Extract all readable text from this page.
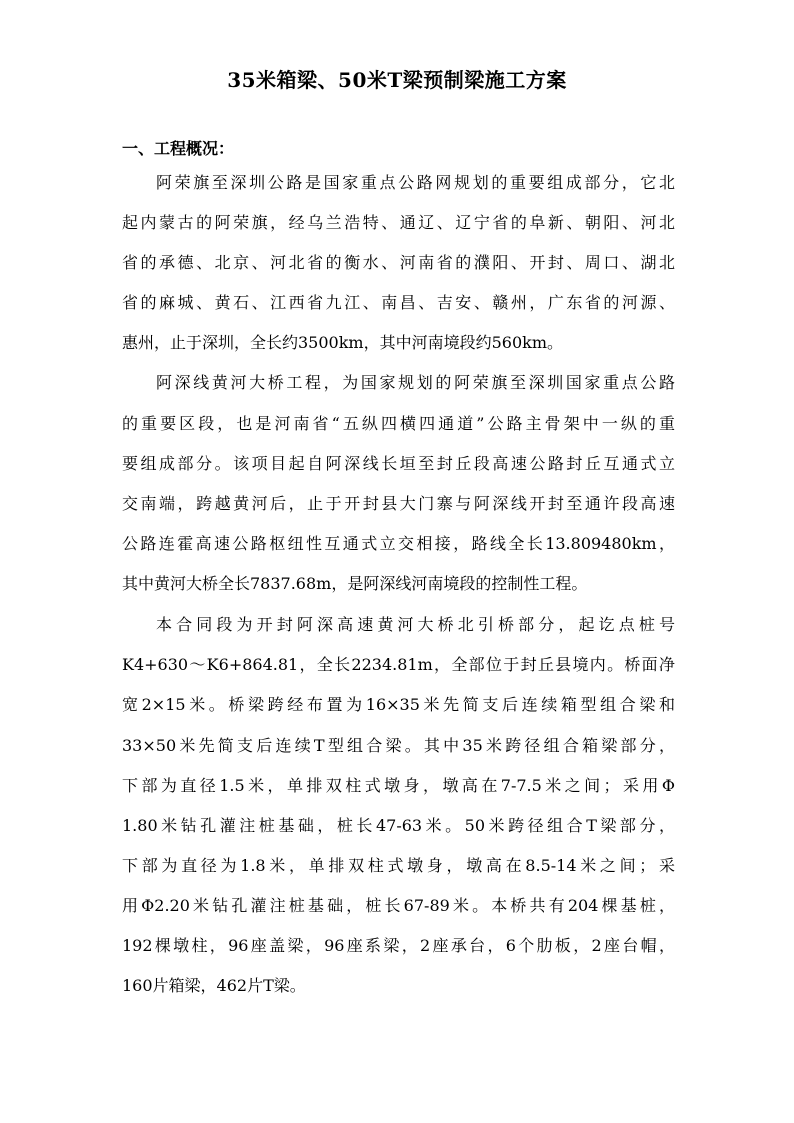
35米箱梁、50米T梁预制梁施工方案
一、工程概况：
阿荣旗至深圳公路是国家重点公路网规划的重要组成部分，它北
起内蒙古的阿荣旗，经乌兰浩特、通辽、辽宁省的阜新、朝阳、河北
省的承德、北京、河北省的衡水、河南省的濮阳、开封、周口、湖北
省的麻城、黄石、江西省九江、南昌、吉安、赣州，广东省的河源、
惠州，止于深圳，全长约3500km，其中河南境段约560km。
阿深线黄河大桥工程，为国家规划的阿荣旗至深圳国家重点公路
的重要区段，也是河南省“五纵四横四通道”公路主骨架中一纵的重
要组成部分。该项目起自阿深线长垣至封丘段高速公路封丘互通式立
交南端，跨越黄河后，止于开封县大门寨与阿深线开封至通许段高速
公路连霍高速公路枢纽性互通式立交相接，路线全长13.809480km，
其中黄河大桥全长7837.68m，是阿深线河南境段的控制性工程。
本合同段为开封阿深高速黄河大桥北引桥部分，起讫点桩号
K4+630～K6+864.81，全长2234.81m，全部位于封丘县境内。桥面净
宽2×15米。桥梁跨经布置为16×35米先简支后连续箱型组合梁和
33×50米先简支后连续T型组合梁。其中35米跨径组合箱梁部分，
下部为直径1.5米，单排双柱式墩身，墩高在7-7.5米之间；采用Φ
1.80米钻孔灌注桩基础，桩长47-63米。50米跨径组合T梁部分，
下部为直径为1.8米，单排双柱式墩身，墩高在8.5-14米之间；采
用Φ2.20米钻孔灌注桩基础，桩长67-89米。本桥共有204棵基桩，
192棵墩柱，96座盖梁，96座系梁，2座承台，6个肋板，2座台帽，
160片箱梁，462片T梁。
